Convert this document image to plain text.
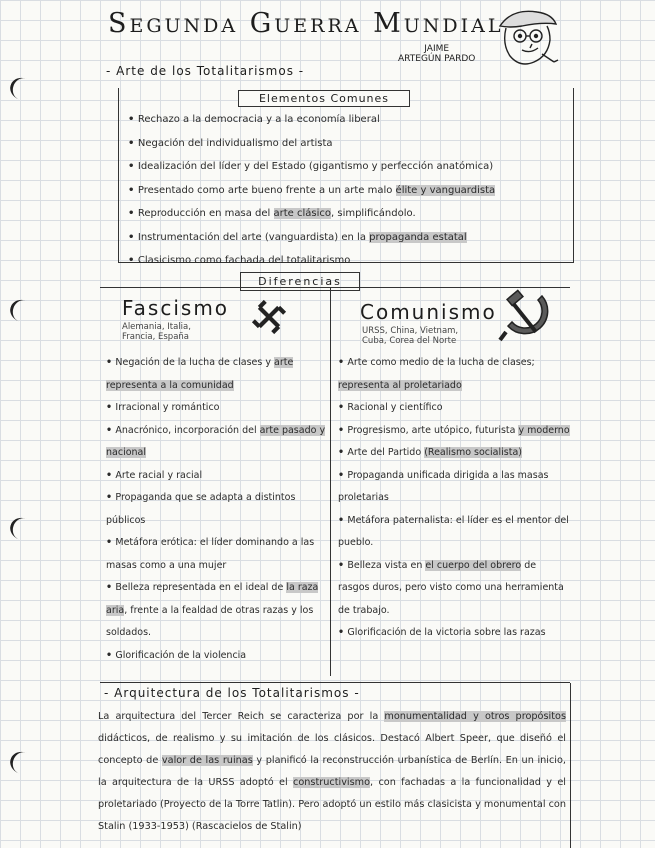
Segunda Guerra Mundial
JAIME
ARTEGÚN PARDO
- Arte de los Totalitarismos -
Elementos Comunes
• Rechazo a la democracia y a la economía liberal
• Negación del individualismo del artista
• Idealización del líder y del Estado (gigantismo y perfección anatómica)
• Presentado como arte bueno frente a un arte malo élite y vanguardista
• Reproducción en masa del arte clásico, simplificándolo.
• Instrumentación del arte (vanguardista) en la propaganda estatal
• Clasicismo como fachada del totalitarismo
Diferencias
Fascismo
Alemania, Italia,
Francia, España
• Negación de la lucha de clases y arte representa a la comunidad
• Irracional y romántico
• Anacrónico, incorporación del arte pasado y nacional
• Arte racial y racial
• Propaganda que se adapta a distintos públicos
• Metáfora erótica: el líder dominando a las masas como a una mujer
• Belleza representada en el ideal de la raza aria, frente a la fealdad de otras razas y los soldados.
• Glorificación de la violencia
Comunismo
URSS, China, Vietnam,
Cuba, Corea del Norte
• Arte como medio de la lucha de clases; representa al proletariado
• Racional y científico
• Progresismo, arte utópico, futurista y moderno
• Arte del Partido (Realismo socialista)
• Propaganda unificada dirigida a las masas proletarias
• Metáfora paternalista: el líder es el mentor del pueblo.
• Belleza vista en el cuerpo del obrero de rasgos duros, pero visto como una herramienta de trabajo.
• Glorificación de la victoria sobre las razas
- Arquitectura de los Totalitarismos -
La arquitectura del Tercer Reich se caracteriza por la monumentalidad y otros propósitos didácticos, de realismo y su imitación de los clásicos. Destacó Albert Speer, que diseñó el concepto de valor de las ruinas y planificó la reconstrucción urbanística de Berlín. En un inicio, la arquitectura de la URSS adoptó el constructivismo, con fachadas a la funcionalidad y el proletariado (Proyecto de la Torre Tatlin). Pero adoptó un estilo más clasicista y monumental con Stalin (1933-1953) (Rascacielos de Stalin)
